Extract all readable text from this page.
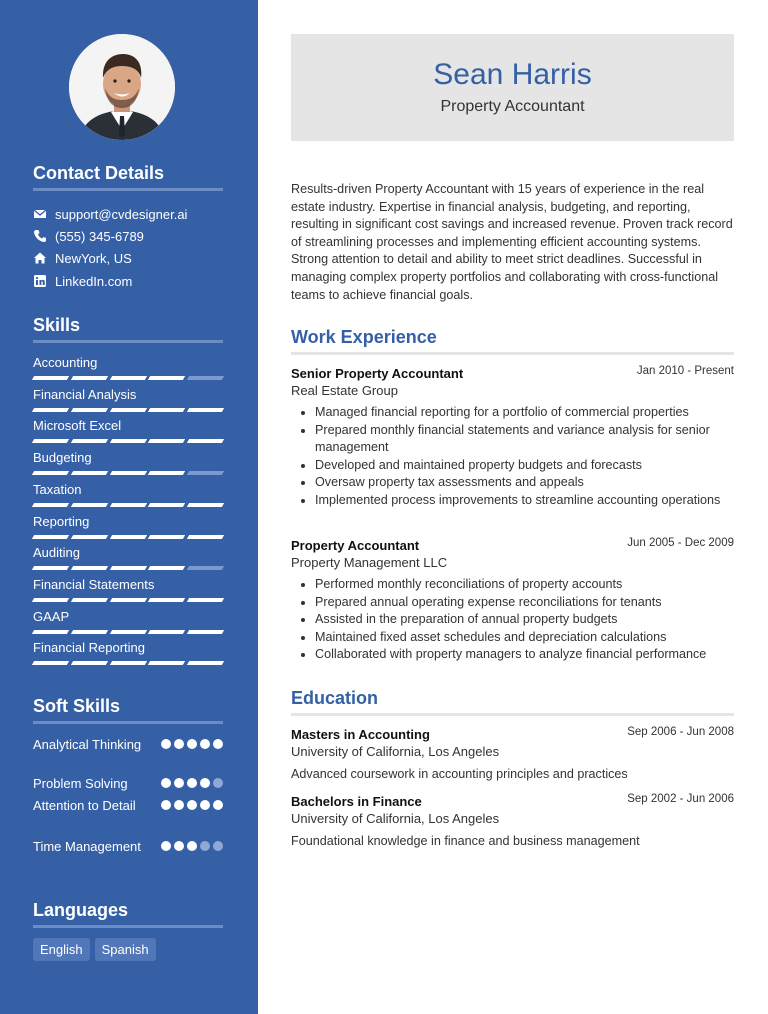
Contact Details
support@cvdesigner.ai
(555) 345-6789
NewYork, US
LinkedIn.com
Skills
Accounting
Financial Analysis
Microsoft Excel
Budgeting
Taxation
Reporting
Auditing
Financial Statements
GAAP
Financial Reporting
Soft Skills
Analytical Thinking
Problem Solving
Attention to Detail
Time Management
Languages
English	Spanish
Sean Harris
Property Accountant
Results-driven Property Accountant with 15 years of experience in the real estate industry. Expertise in financial analysis, budgeting, and reporting, resulting in significant cost savings and increased revenue. Proven track record of streamlining processes and implementing efficient accounting systems. Strong attention to detail and ability to meet strict deadlines. Successful in managing complex property portfolios and collaborating with cross-functional teams to achieve financial goals.
Work Experience
Senior Property Accountant	Jan 2010 - Present
Real Estate Group
Managed financial reporting for a portfolio of commercial properties
Prepared monthly financial statements and variance analysis for senior management
Developed and maintained property budgets and forecasts
Oversaw property tax assessments and appeals
Implemented process improvements to streamline accounting operations
Property Accountant	Jun 2005 - Dec 2009
Property Management LLC
Performed monthly reconciliations of property accounts
Prepared annual operating expense reconciliations for tenants
Assisted in the preparation of annual property budgets
Maintained fixed asset schedules and depreciation calculations
Collaborated with property managers to analyze financial performance
Education
Masters in Accounting	Sep 2006 - Jun 2008
University of California, Los Angeles
Advanced coursework in accounting principles and practices
Bachelors in Finance	Sep 2002 - Jun 2006
University of California, Los Angeles
Foundational knowledge in finance and business management
